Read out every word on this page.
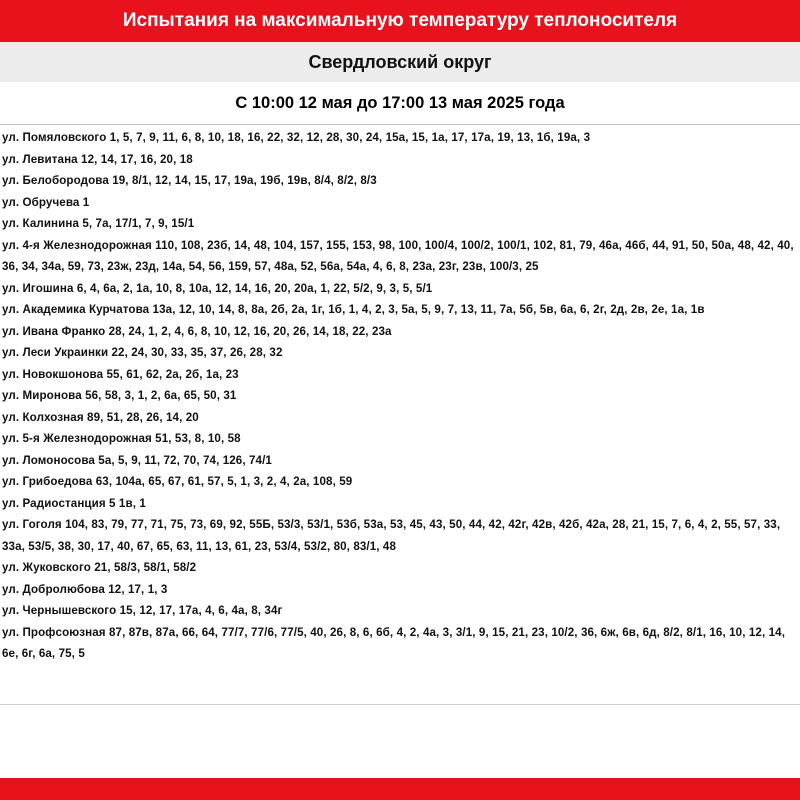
Испытания на максимальную температуру теплоносителя
Свердловский округ
С 10:00 12 мая до 17:00 13 мая 2025 года
ул. Помяловского 1, 5, 7, 9, 11, 6, 8, 10, 18, 16, 22, 32, 12, 28, 30, 24, 15а, 15, 1а, 17, 17а, 19, 13, 1б, 19а, 3
ул. Левитана 12, 14, 17, 16, 20, 18
ул. Белобородова 19, 8/1, 12, 14, 15, 17, 19а, 19б, 19в, 8/4, 8/2, 8/3
ул. Обручева 1
ул. Калинина 5, 7а, 17/1, 7, 9, 15/1
ул. 4-я Железнодорожная 110, 108, 23б, 14, 48, 104, 157, 155, 153, 98, 100, 100/4, 100/2, 100/1, 102, 81, 79, 46а, 46б, 44, 91, 50, 50а, 48, 42, 40, 36, 34, 34а, 59, 73, 23ж, 23д, 14а, 54, 56, 159, 57, 48а, 52, 56а, 54а, 4, 6, 8, 23а, 23г, 23в, 100/3, 25
ул. Игошина 6, 4, 6а, 2, 1а, 10, 8, 10а, 12, 14, 16, 20, 20а, 1, 22, 5/2, 9, 3, 5, 5/1
ул. Академика Курчатова 13а, 12, 10, 14, 8, 8а, 2б, 2а, 1г, 1б, 1, 4, 2, 3, 5а, 5, 9, 7, 13, 11, 7а, 5б, 5в, 6а, 6, 2г, 2д, 2в, 2е, 1а, 1в
ул. Ивана Франко 28, 24, 1, 2, 4, 6, 8, 10, 12, 16, 20, 26, 14, 18, 22, 23а
ул. Леси Украинки 22, 24, 30, 33, 35, 37, 26, 28, 32
ул. Новокшонова 55, 61, 62, 2а, 2б, 1а, 23
ул. Миронова 56, 58, 3, 1, 2, 6а, 65, 50, 31
ул. Колхозная 89, 51, 28, 26, 14, 20
ул. 5-я Железнодорожная 51, 53, 8, 10, 58
ул. Ломоносова 5а, 5, 9, 11, 72, 70, 74, 126, 74/1
ул. Грибоедова 63, 104а, 65, 67, 61, 57, 5, 1, 3, 2, 4, 2а, 108, 59
ул. Радиостанция 5 1в, 1
ул. Гоголя 104, 83, 79, 77, 71, 75, 73, 69, 92, 55Б, 53/3, 53/1, 53б, 53а, 53, 45, 43, 50, 44, 42, 42г, 42в, 42б, 42а, 28, 21, 15, 7, 6, 4, 2, 55, 57, 33, 33а, 53/5, 38, 30, 17, 40, 67, 65, 63, 11, 13, 61, 23, 53/4, 53/2, 80, 83/1, 48
ул. Жуковского 21, 58/3, 58/1, 58/2
ул. Добролюбова 12, 17, 1, 3
ул. Чернышевского 15, 12, 17, 17а, 4, 6, 4а, 8, 34г
ул. Профсоюзная 87, 87в, 87а, 66, 64, 77/7, 77/6, 77/5, 40, 26, 8, 6, 6б, 4, 2, 4а, 3, 3/1, 9, 15, 21, 23, 10/2, 36, 6ж, 6в, 6д, 8/2, 8/1, 16, 10, 12, 14, 6е, 6г, 6а, 75, 5
